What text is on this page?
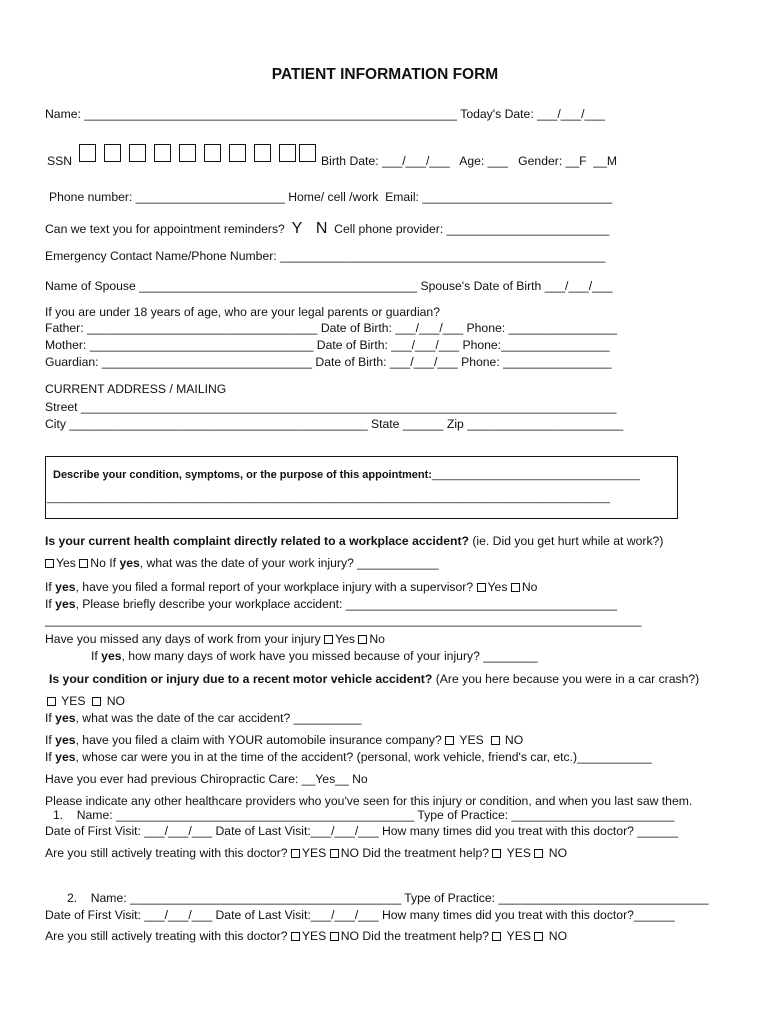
PATIENT INFORMATION FORM
Name: _______________________________________________________ Today's Date: ___/___/___
SSN	Birth Date: ___/___/___   Age: ___   Gender: __F  __M
Phone number: ______________________ Home/ cell /work  Email: ____________________________
Can we text you for appointment reminders? Y N Cell phone provider: ________________________
Emergency Contact Name/Phone Number: ________________________________________________
Name of Spouse _________________________________________ Spouse's Date of Birth ___/___/___
If you are under 18 years of age, who are your legal parents or guardian?
Father: __________________________________ Date of Birth: ___/___/___ Phone: ________________
Mother: _________________________________ Date of Birth: ___/___/___ Phone:________________
Guardian: _______________________________ Date of Birth: ___/___/___ Phone: ________________
CURRENT ADDRESS / MAILING
Street _______________________________________________________________________________
City ____________________________________________ State ______ Zip _______________________
Describe your condition, symptoms, or the purpose of this appointment:__________________________________
____________________________________________________________________________________________
Is your current health complaint directly related to a workplace accident? (ie. Did you get hurt while at work?)
Yes No If yes, what was the date of your work injury? ____________
If yes, have you filed a formal report of your workplace injury with a supervisor? Yes No
If yes, Please briefly describe your workplace accident: ________________________________________
________________________________________________________________________________________
Have you missed any days of work from your injury Yes No
If yes, how many days of work have you missed because of your injury? ________
Is your condition or injury due to a recent motor vehicle accident? (Are you here because you were in a car crash?)
YES NO
If yes, what was the date of the car accident? __________
If yes, have you filed a claim with YOUR automobile insurance company? YES NO
If yes, whose car were you in at the time of the accident? (personal, work vehicle, friend's car, etc.)___________
Have you ever had previous Chiropractic Care: __Yes__ No
Please indicate any other healthcare providers who you've seen for this injury or condition, and when you last saw them.
1.    Name: ____________________________________________ Type of Practice: ________________________
Date of First Visit: ___/___/___ Date of Last Visit:___/___/___ How many times did you treat with this doctor? ______
Are you still actively treating with this doctor? YES NO Did the treatment help? YES NO
2.    Name: ________________________________________ Type of Practice: _______________________________
Date of First Visit: ___/___/___ Date of Last Visit:___/___/___ How many times did you treat with this doctor?______
Are you still actively treating with this doctor? YES NO Did the treatment help? YES NO
